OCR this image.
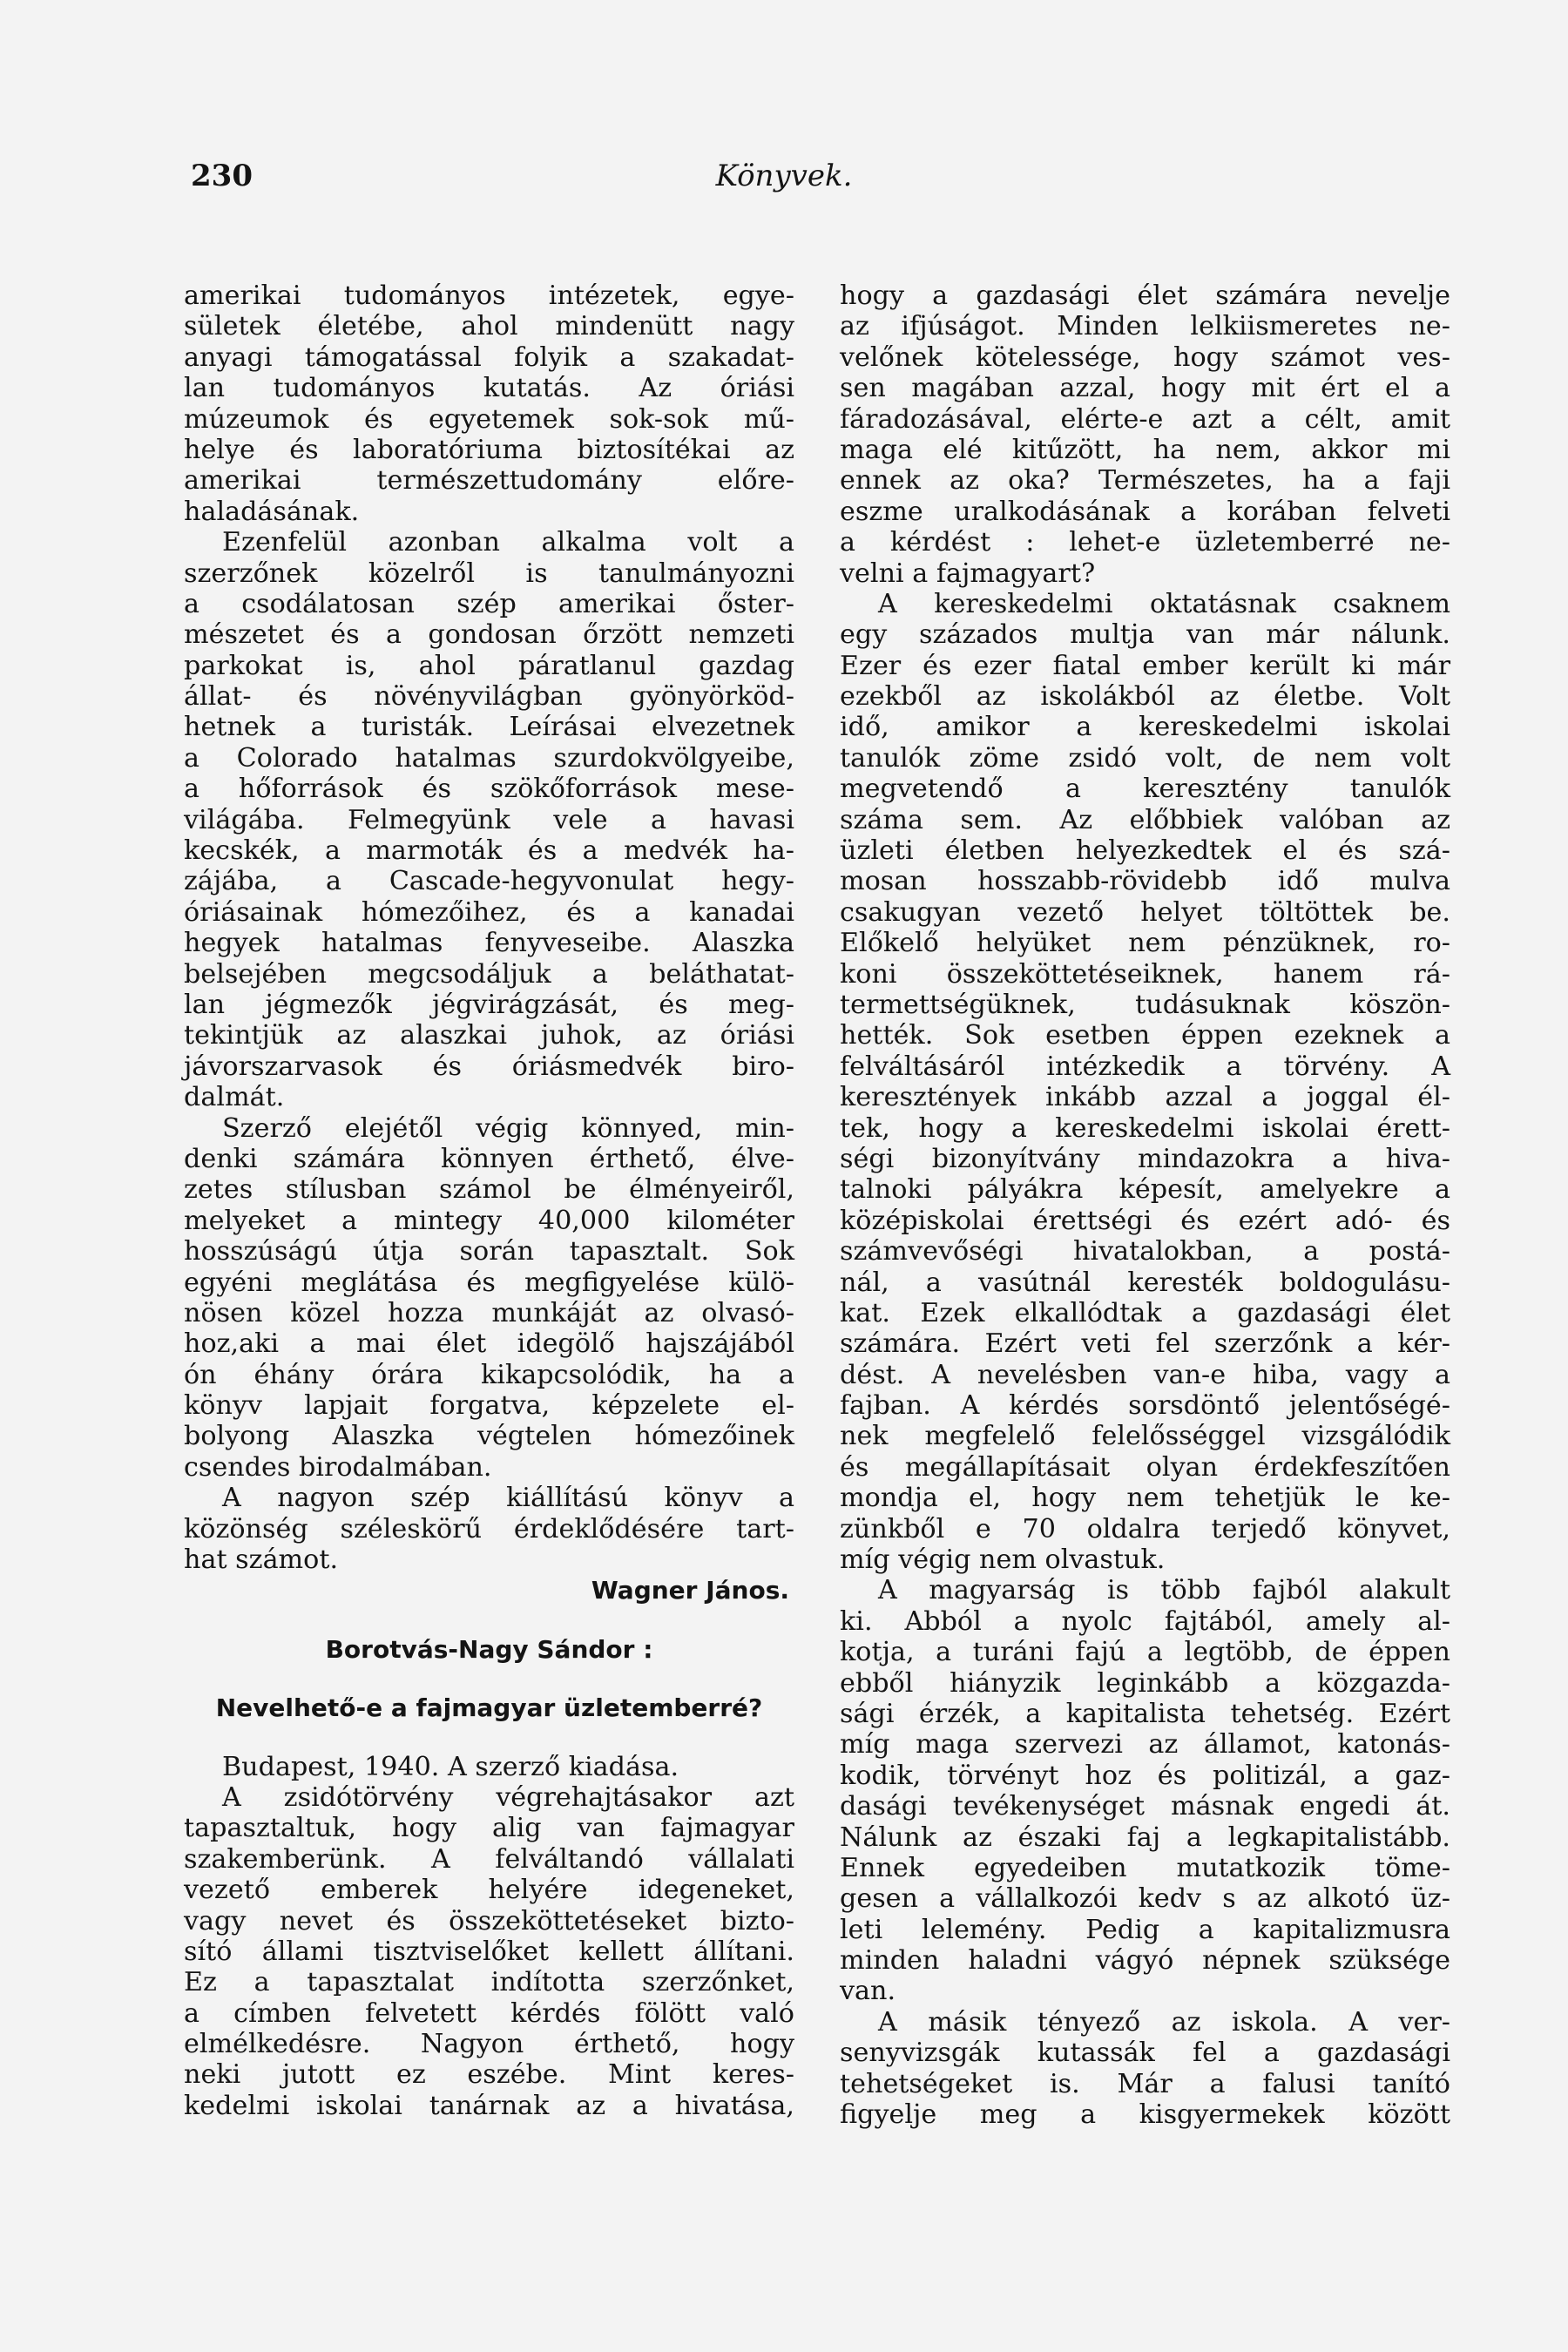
230	Könyvek.
amerikai tudományos intézetek, egye-
sületek életébe, ahol mindenütt nagy
anyagi támogatással folyik a szakadat-
lan tudományos kutatás. Az óriási
múzeumok és egyetemek sok-sok mű-
helye és laboratóriuma biztosítékai az
amerikai természettudomány előre-
haladásának.
Ezenfelül azonban alkalma volt a
szerzőnek közelről is tanulmányozni
a csodálatosan szép amerikai őster-
mészetet és a gondosan őrzött nemzeti
parkokat is, ahol páratlanul gazdag
állat- és növényvilágban gyönyörköd-
hetnek a turisták. Leírásai elvezetnek
a Colorado hatalmas szurdokvölgyeibe,
a hőforrások és szökőforrások mese-
világába. Felmegyünk vele a havasi
kecskék, a marmoták és a medvék ha-
zájába, a Cascade-hegyvonulat hegy-
óriásainak hómezőihez, és a kanadai
hegyek hatalmas fenyveseibe. Alaszka
belsejében megcsodáljuk a beláthatat-
lan jégmezők jégvirágzását, és meg-
tekintjük az alaszkai juhok, az óriási
jávorszarvasok és óriásmedvék biro-
dalmát.
Szerző elejétől végig könnyed, min-
denki számára könnyen érthető, élve-
zetes stílusban számol be élményeiről,
melyeket a mintegy 40,000 kilométer
hosszúságú útja során tapasztalt. Sok
egyéni meglátása és megfigyelése külö-
nösen közel hozza munkáját az olvasó-
hoz,aki a mai élet idegölő hajszájából
ón éhány órára kikapcsolódik, ha a
könyv lapjait forgatva, képzelete el-
bolyong Alaszka végtelen hómezőinek
csendes birodalmában.
A nagyon szép kiállítású könyv a
közönség széleskörű érdeklődésére tart-
hat számot.
Wagner János.
Borotvás-Nagy Sándor :
Nevelhető-e a fajmagyar üzletemberré?
Budapest, 1940. A szerző kiadása.
A zsidótörvény végrehajtásakor azt
tapasztaltuk, hogy alig van fajmagyar
szakemberünk. A felváltandó vállalati
vezető emberek helyére idegeneket,
vagy nevet és összeköttetéseket bizto-
sító állami tisztviselőket kellett állítani.
Ez a tapasztalat indította szerzőnket,
a címben felvetett kérdés fölött való
elmélkedésre. Nagyon érthető, hogy
neki jutott ez eszébe. Mint keres-
kedelmi iskolai tanárnak az a hivatása,
hogy a gazdasági élet számára nevelje
az ifjúságot. Minden lelkiismeretes ne-
velőnek kötelessége, hogy számot ves-
sen magában azzal, hogy mit ért el a
fáradozásával, elérte-e azt a célt, amit
maga elé kitűzött, ha nem, akkor mi
ennek az oka? Természetes, ha a faji
eszme uralkodásának a korában felveti
a kérdést : lehet-e üzletemberré ne-
velni a fajmagyart?
A kereskedelmi oktatásnak csaknem
egy százados multja van már nálunk.
Ezer és ezer fiatal ember került ki már
ezekből az iskolákból az életbe. Volt
idő, amikor a kereskedelmi iskolai
tanulók zöme zsidó volt, de nem volt
megvetendő a keresztény tanulók
száma sem. Az előbbiek valóban az
üzleti életben helyezkedtek el és szá-
mosan hosszabb-rövidebb idő mulva
csakugyan vezető helyet töltöttek be.
Előkelő helyüket nem pénzüknek, ro-
koni összeköttetéseiknek, hanem rá-
termettségüknek, tudásuknak köszön-
hették. Sok esetben éppen ezeknek a
felváltásáról intézkedik a törvény. A
keresztények inkább azzal a joggal él-
tek, hogy a kereskedelmi iskolai érett-
ségi bizonyítvány mindazokra a hiva-
talnoki pályákra képesít, amelyekre a
középiskolai érettségi és ezért adó- és
számvevőségi hivatalokban, a postá-
nál, a vasútnál keresték boldogulásu-
kat. Ezek elkallódtak a gazdasági élet
számára. Ezért veti fel szerzőnk a kér-
dést. A nevelésben van-e hiba, vagy a
fajban. A kérdés sorsdöntő jelentőségé-
nek megfelelő felelősséggel vizsgálódik
és megállapításait olyan érdekfeszítően
mondja el, hogy nem tehetjük le ke-
zünkből e 70 oldalra terjedő könyvet,
míg végig nem olvastuk.
A magyarság is több fajból alakult
ki. Abból a nyolc fajtából, amely al-
kotja, a turáni fajú a legtöbb, de éppen
ebből hiányzik leginkább a közgazda-
sági érzék, a kapitalista tehetség. Ezért
míg maga szervezi az államot, katonás-
kodik, törvényt hoz és politizál, a gaz-
dasági tevékenységet másnak engedi át.
Nálunk az északi faj a legkapitalistább.
Ennek egyedeiben mutatkozik töme-
gesen a vállalkozói kedv s az alkotó üz-
leti lelemény. Pedig a kapitalizmusra
minden haladni vágyó népnek szüksége
van.
A másik tényező az iskola. A ver-
senyvizsgák kutassák fel a gazdasági
tehetségeket is. Már a falusi tanító
figyelje meg a kisgyermekek között
